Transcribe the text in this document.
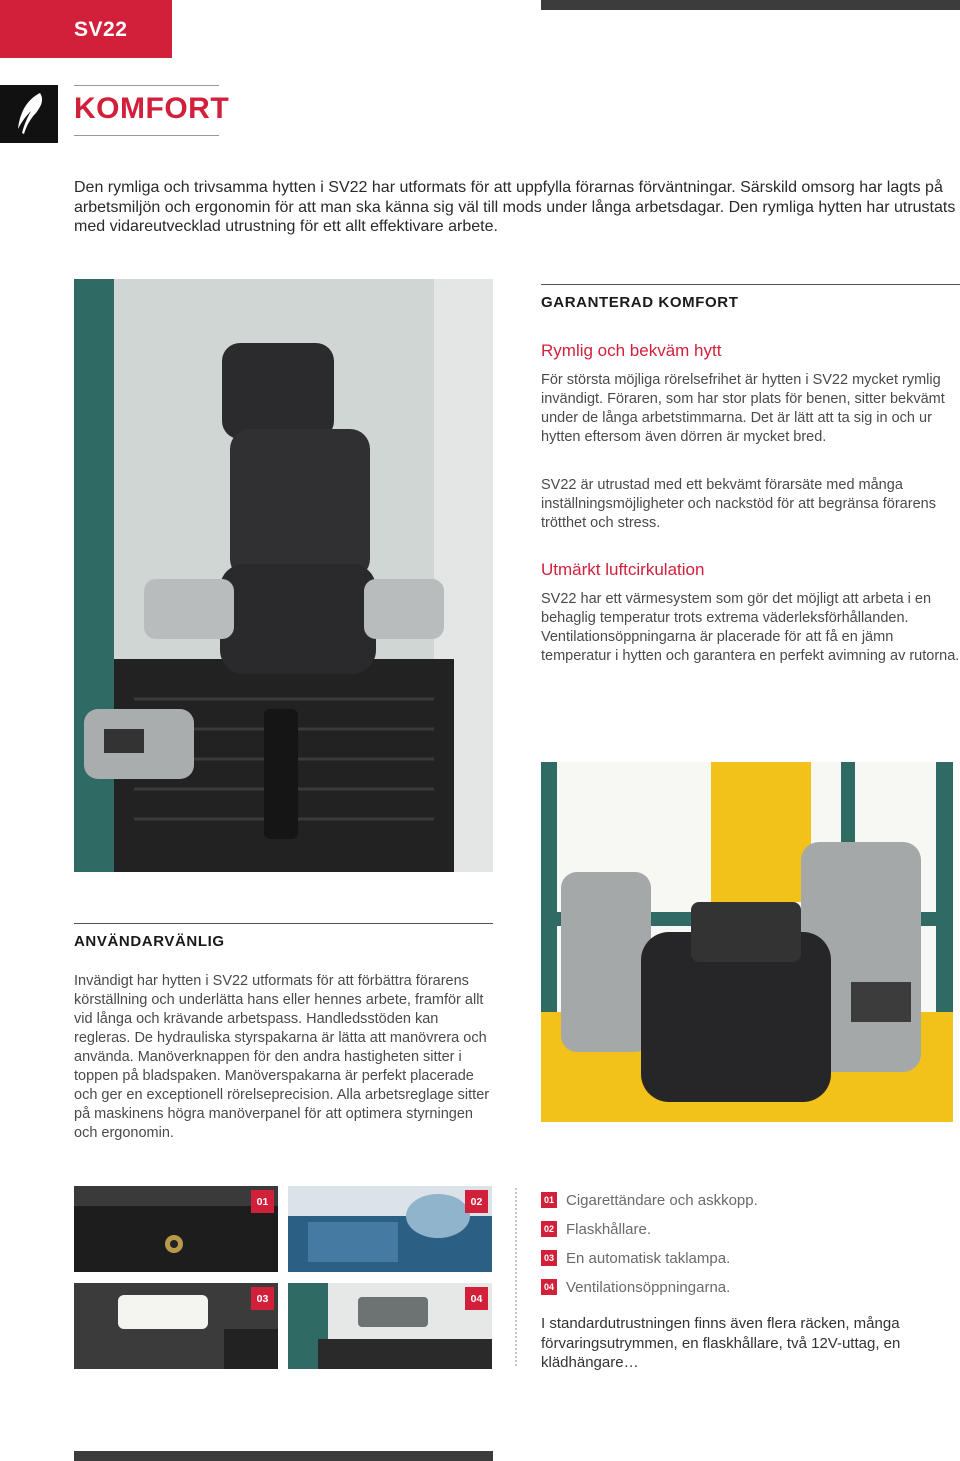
SV22
KOMFORT

Den rymliga och trivsamma hytten i SV22 har utformats för att uppfylla förarnas förväntningar. Särskild omsorg har lagts på arbetsmiljön och ergonomin för att man ska känna sig väl till mods under långa arbetsdagar. Den rymliga hytten har utrustats med vidareutvecklad utrustning för ett allt effektivare arbete.

GARANTERAD KOMFORT
Rymlig och bekväm hytt

För största möjliga rörelsefrihet är hytten i SV22 mycket rymlig invändigt. Föraren, som har stor plats för benen, sitter bekvämt under de långa arbetstimmarna. Det är lätt att ta sig in och ur hytten eftersom även dörren är mycket bred.

SV22 är utrustad med ett bekvämt förarsäte med många inställningsmöjligheter och nackstöd för att begränsa förarens trötthet och stress.

Utmärkt luftcirkulation

SV22 har ett värmesystem som gör det möjligt att arbeta i en behaglig temperatur trots extrema väderleksförhållanden. Ventilationsöppningarna är placerade för att få en jämn temperatur i hytten och garantera en perfekt avimning av rutorna.

ANVÄNDARVÄNLIG

Invändigt har hytten i SV22 utformats för att förbättra förarens körställning och underlätta hans eller hennes arbete, framför allt vid långa och krävande arbetspass. Handledsstöden kan regleras. De hydrauliska styrspakarna är lätta att manövrera och använda. Manöverknappen för den andra hastigheten sitter i toppen på bladspaken. Manöverspakarna är perfekt placerade och ger en exceptionell rörelseprecision. Alla arbetsreglage sitter på maskinens högra manöverpanel för att optimera styrningen och ergonomin.

01	02
03	04
01 Cigarettändare och askkopp.
02 Flaskhållare.
03 En automatisk taklampa.
04 Ventilationsöppningarna.

I standardutrustningen finns även flera räcken, många förvaringsutrymmen, en flaskhållare, två 12V-uttag, en klädhängare…
